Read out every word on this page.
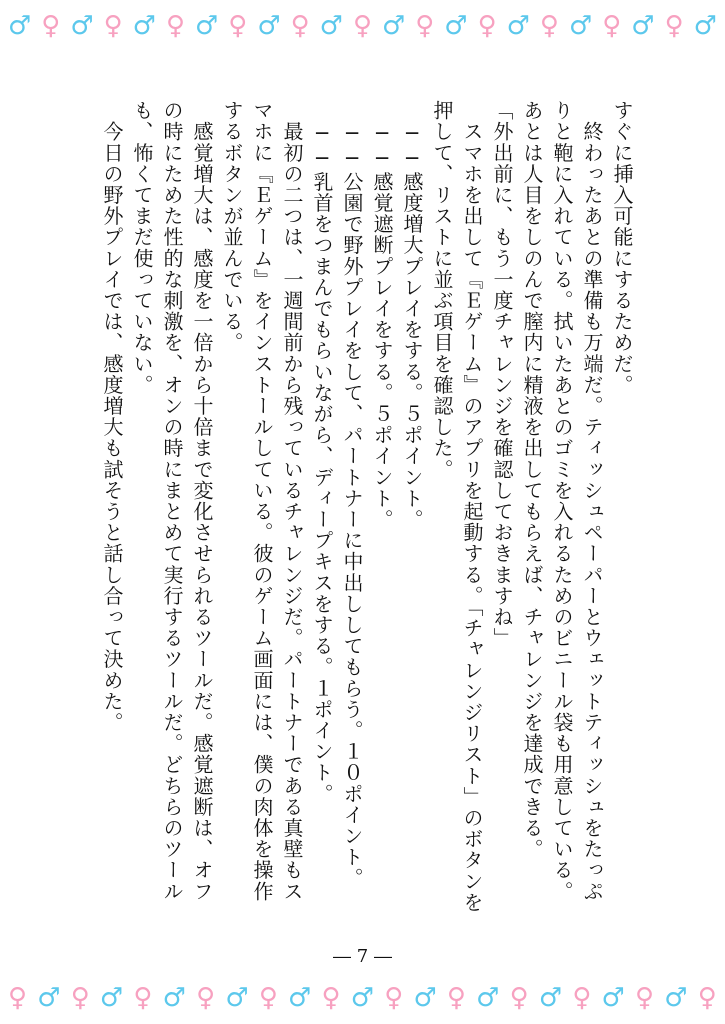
♂ ♀ ♂ ♀ ♂ ♀ ♂ ♀ ♂ ♀ ♂ ♀ ♂ ♀ ♂ ♀ ♂ ♀ ♂ ♀ ♂ ♀ ♂

すぐに挿入可能にするためだ。

　終わったあとの準備も万端だ。ティッシュペーパーとウェットティッシュをたっぷりと鞄に入れている。拭いたあとのゴミを入れるためのビニール袋も用意している。あとは人目をしのんで膣内に精液を出してもらえば、チャレンジを達成できる。

「外出前に、もう一度チャレンジを確認しておきますね」

　スマホを出して『Ｅゲーム』のアプリを起動する。「チャレンジリスト」のボタンを押して、リストに並ぶ項目を確認した。

　──感度増大プレイをする。５ポイント。

　──感覚遮断プレイをする。５ポイント。

　──公園で野外プレイをして、パートナーに中出ししてもらう。１０ポイント。

　──乳首をつまんでもらいながら、ディープキスをする。１ポイント。

　最初の二つは、一週間前から残っているチャレンジだ。パートナーである真壁もスマホに『Ｅゲーム』をインストールしている。彼のゲーム画面には、僕の肉体を操作するボタンが並んでいる。

　感覚増大は、感度を一倍から十倍まで変化させられるツールだ。感覚遮断は、オフの時にためた性的な刺激を、オンの時にまとめて実行するツールだ。どちらのツールも、怖くてまだ使っていない。

　今日の野外プレイでは、感度増大も試そうと話し合って決めた。

― 7 ―
♀ ♂ ♀ ♂ ♀ ♂ ♀ ♂ ♀ ♂ ♀ ♂ ♀ ♂ ♀ ♂ ♀ ♂ ♀ ♂ ♀ ♂ ♀
